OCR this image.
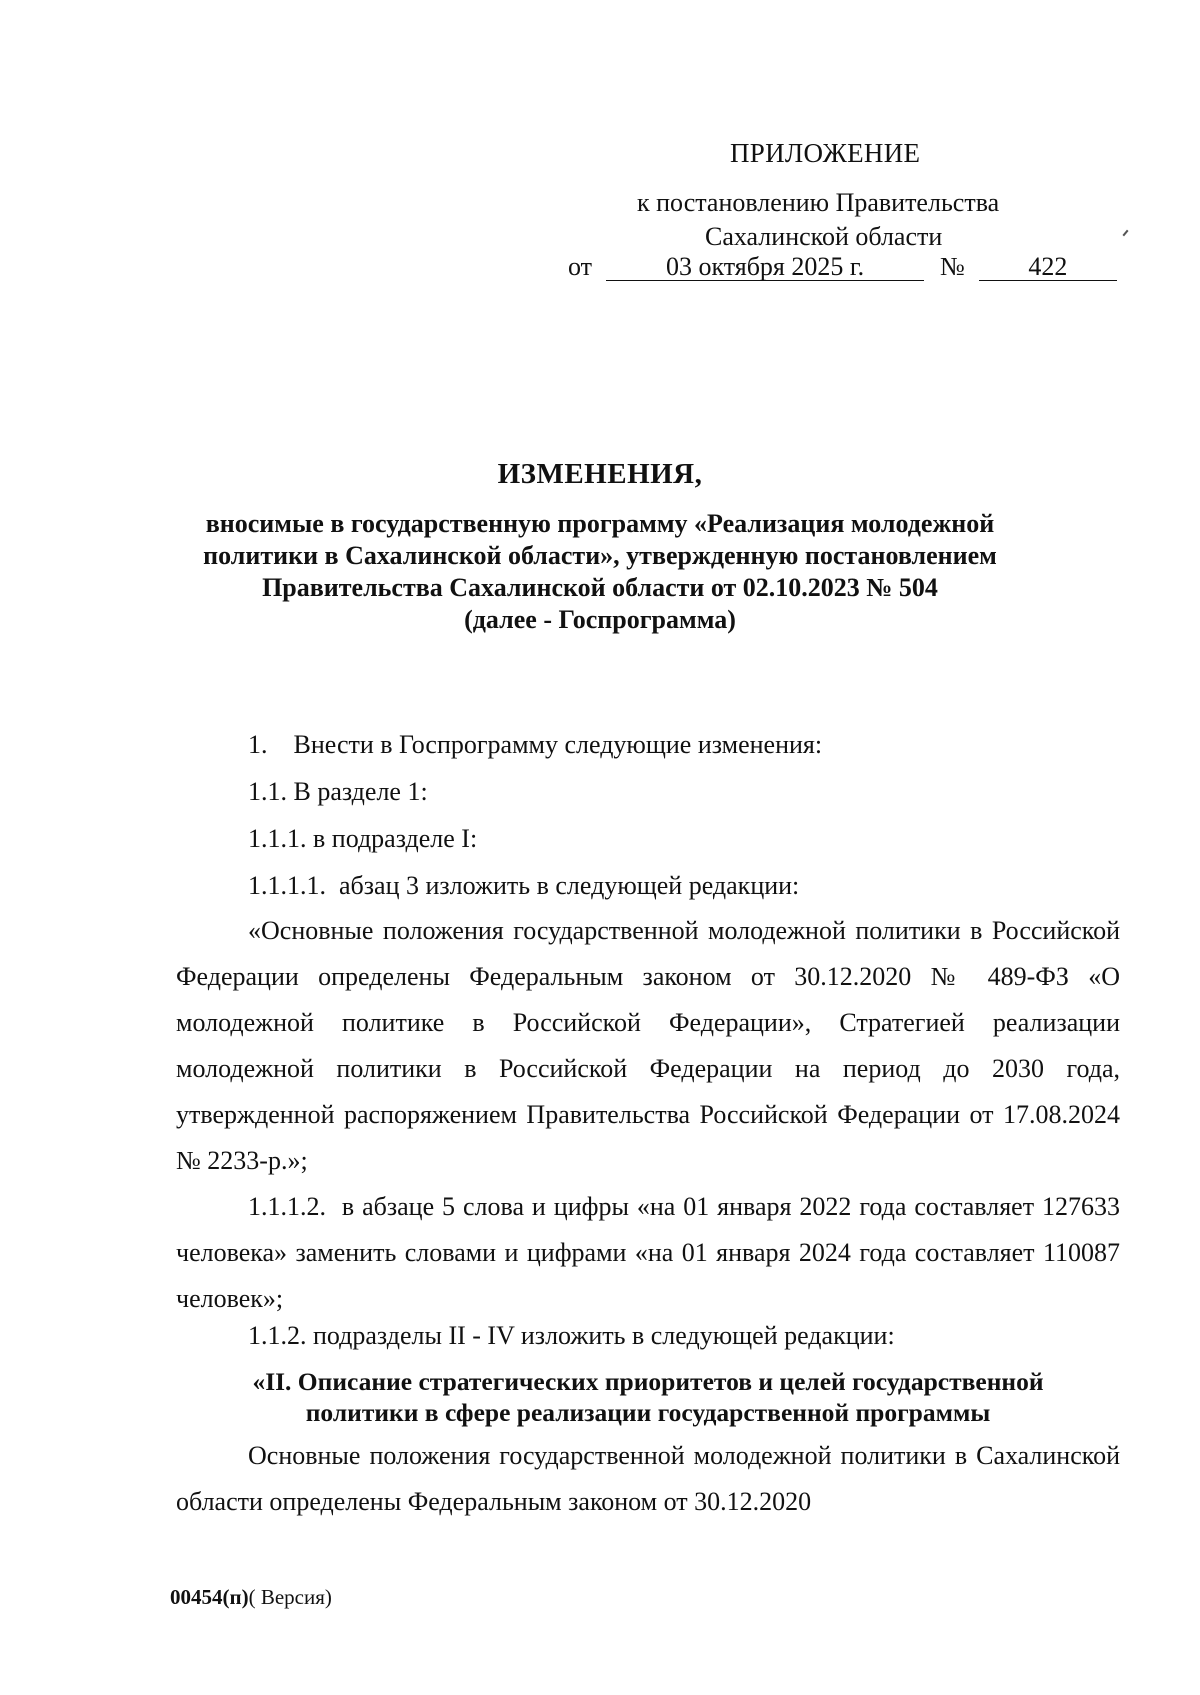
ПРИЛОЖЕНИЕ
к постановлению Правительства
Сахалинской области
от	03 октября 2025 г.	№	422
ИЗМЕНЕНИЯ,
вносимые в государственную программу «Реализация молодежной
политики в Сахалинской области», утвержденную постановлением
Правительства Сахалинской области от 02.10.2023 № 504
(далее - Госпрограмма)
1.    Внести в Госпрограмму следующие изменения:
1.1. В разделе 1:
1.1.1. в подразделе I:
1.1.1.1.  абзац 3 изложить в следующей редакции:
«Основные положения государственной молодежной политики в Российской Федерации определены Федеральным законом от 30.12.2020 № 489-ФЗ «О молодежной политике в Российской Федерации», Стратегией реализации молодежной политики в Российской Федерации на период до 2030 года, утвержденной распоряжением Правительства Российской Федерации от 17.08.2024 № 2233-р.»;
1.1.1.2.  в абзаце 5 слова и цифры «на 01 января 2022 года составляет 127633 человека» заменить словами и цифрами «на 01 января 2024 года составляет 110087 человек»;
1.1.2. подразделы II - IV изложить в следующей редакции:
«II. Описание стратегических приоритетов и целей государственной
политики в сфере реализации государственной программы
Основные положения государственной молодежной политики в Сахалинской области определены Федеральным законом от 30.12.2020
00454(п)( Версия)
